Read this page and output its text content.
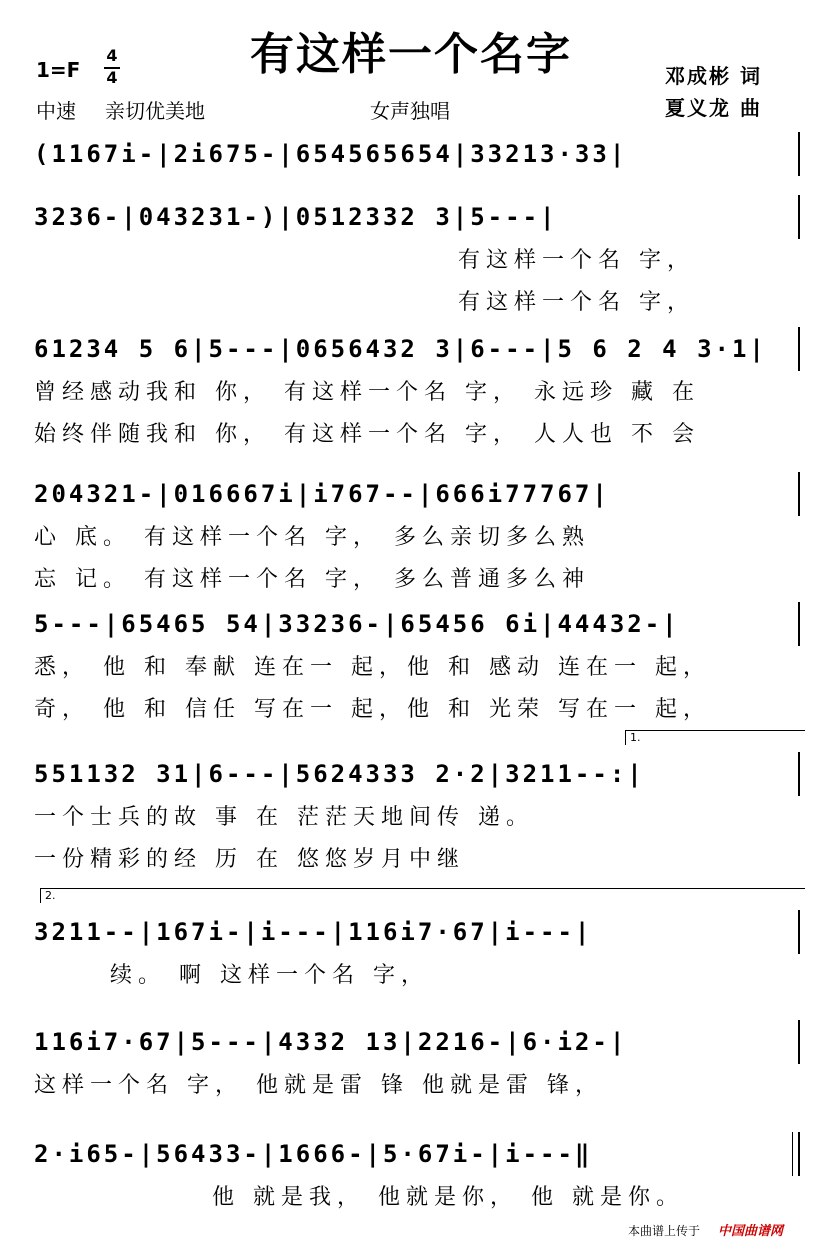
1=F
4
4	有这样一个名字	邓成彬 词
夏义龙 曲
中速 亲切优美地	女声独唱
(1167i-|2i675-|654565654|33213·33|
3236-|043231-)|0512332 3|5---|
有这样一个名 字，
有这样一个名 字，
61234 5 6|5---|0656432 3|6---|5 6 2 4 3·1|
曾经感动我和 你， 有这样一个名 字， 永远珍 藏 在
始终伴随我和 你， 有这样一个名 字， 人人也 不 会
204321-|016667i|i767--|666i77767|
心 底。 有这样一个名 字， 多么亲切多么熟
忘 记。 有这样一个名 字， 多么普通多么神
5---|65465 54|33236-|65456 6i|44432-|
悉， 他 和 奉献 连在一 起，他 和 感动 连在一 起，
奇， 他 和 信任 写在一 起，他 和 光荣 写在一 起，
551132 31|6---|5624333 2·2|3211--:|
1.
一个士兵的故 事 在 茫茫天地间传 递。
一份精彩的经 历 在 悠悠岁月中继
3211--|167i-|i---|116i7·67|i---|
2.
续。 啊 这样一个名 字，
116i7·67|5---|4332 13|2216-|6·i2-|
这样一个名 字， 他就是雷 锋 他就是雷 锋，
2·i65-|56433-|1666-|5·67i-|i---‖
他 就是我， 他就是你， 他 就是你。
本曲谱上传于 中国曲谱网
